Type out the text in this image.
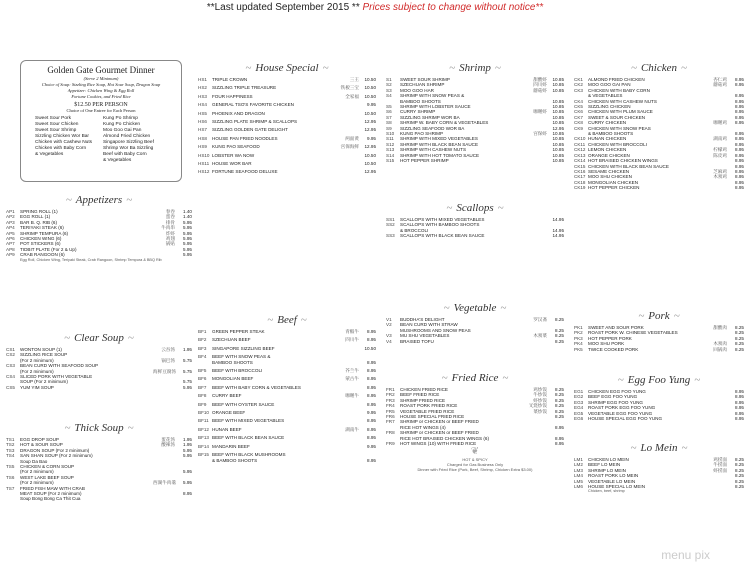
**Last updated September 2015 ** Prices subject to change without notice**
Golden Gate Gourmet Dinner
(Serve 2 Minimum)
Choice of Soup: Sizzling Rice Soup, Hot Sour Soup, Dragon Soup
Appetizer: Chicken Wing & Egg Roll
Fortune Cookies, and Fried Rice
$12.50 PER PERSON
Choice of One Entree for Each Person
Sweet Sour Pork	Kung Po Shrimp
Sweet Sour Chicken	Kung Po Chicken
Sweet Sour Shrimp	Moo Goo Gai Pan
Sizzling Chicken Wor Bar	Almond Fried Chicken
Chicken with Cashew Nuts	Singapore Sizzling Beef
Chicken with Baby Corn	Shrimp Wor Ba Sizzling
& Vegetables	Beef with Baby Corn
& Vegetables
~ Appetizers ~
AP1	SPRING ROLL (1)	春卷	1.40
AP2	EGG ROLL (1)	蛋卷	1.40
AP3	BAR B. Q. RIB (6)	排骨	5.95
AP4	TERIYAKI STEAK (6)	牛肉串	5.95
AP5	SHRIMP TEMPURA (6)	炸虾	5.95
AP6	CHICKEN WING (6)	鸡翅	5.95
AP7	POT STICKERS (6)	锅贴	5.95
AP8	TIDBIT PLATE (For 2 & Up)	5.95
AP9	CRAB RANGOON (6)	5.95
Egg Roll, Chicken Wing, Teriyaki Steak, Crab Rangoon, Shrimp Tempura & BBQ Rib
~ Clear Soup ~
CS1	WONTON SOUP (1)	云吞汤	1.95
CS2	SIZZLING RICE SOUP
(For 2 minimum)	锅巴汤	5.75
CS3	BEAN CURD WITH SEAFOOD SOUP
(For 2 minimum)	海鲜豆腐汤	5.75
CS4	SLICED PORK WITH VEGETABLE
SOUP (For 2 minimum)	5.75
CS5	YUM YIM SOUP	5.95
~ Thick Soup ~
TS1	EGG DROP SOUP	蛋花汤	1.95
TS2	HOT & SOUR SOUP	酸辣汤	1.95
TS3	DRAGON SOUP (For 2 minimum)	5.95
TS4	SAN SHAN SOUP (For 2 minimum)	5.95
Soup Da Bao
TS5	CHICKEN & CORN SOUP
(For 2 minimum)	5.95
TS6	WEST LAKE BEEF SOUP
(For 2 minimum)	西湖牛肉羹	5.95
TS7	FRIED FISH MAW WITH CRAB
MEAT SOUP (For 2 minimum)	8.95
Soup Bong Bong Ca Thit Cua
~ House Special ~
HS1	TRIPLE CROWN	三王	10.50
HS2	SIZZLING TRIPLE TREASURE	铁板三宝	10.50
HS3	FOUR HAPPINESS	全家福	10.50
HS4	GENERAL TSO'S FAVORITE CHICKEN	9.95
HS5	PHOENIX AND DRAGON	10.50
HS6	SIZZLING PLATE SHRIMP & SCALLOPS	12.95
HS7	SIZZLING GOLDEN GATE DELIGHT	12.95
HS8	HOUSE PAN FRIED NOODLES	两面黄	9.95
HS9	KUNG PAO SEAFOOD	宫保海鲜	12.95
HS10 LOBSTER WA NOW	10.50
HS11 HOUSE WOR BAR	10.50
HS12 FORTUNE SEAFOOD DELUXE	12.95
~ Beef ~
BF1	GREEN PEPPER STEAK	青椒牛	8.95
BF2	SZECHUAN BEEF	四川牛	8.95
BF3	SINGAPORE SIZZLING BEEF	10.50
BF4	BEEF WITH SNOW PEAS &
BAMBOO SHOOTS	8.95
BF5	BEEF WITH BROCCOLI	芥兰牛	8.95
BF6	MONGOLIAN BEEF	蒙古牛	8.95
BF7	BEEF WITH BABY CORN & VEGETABLES	8.95
BF8	CURRY BEEF	咖喱牛	8.95
BF9	BEEF WITH OYSTER SAUCE	8.95
BF10 ORANGE BEEF	9.95
BF11 BEEF WITH MIXED VEGETABLES	8.95
BF12 HUNAN BEEF	湖南牛	8.95
BF13 BEEF WITH BLACK BEAN SAUCE	8.95
BF14 MANDARIN BEEF	9.95
BF15 BEEF WITH BLACK MUSHROOMS
& BAMBOO SHOOTS	8.95
~ Shrimp ~
S1	SWEET SOUR SHRIMP	甜酸虾	10.85
S2	SZECHUAN SHRIMP	四川虾	10.85
S3	MOO GOO HAR	蘑菇虾	10.85
S4	SHRIMP WITH SNOW PEAS &
BAMBOO SHOOTS	10.85
S5	SHRIMP WITH LOBSTER SAUCE	10.85
S6	CURRY SHRIMP	咖喱虾	10.85
S7	SIZZLING SHRIMP WOR BA	10.85
S8	SHRIMP W. BABY CORN & VEGETABLES	10.85
S9	SIZZLING SEAFOOD WOR BA	12.95
S10	KUNG PAO SHRIMP	宫保虾	10.85
S11	SHRIMP WITH MIXED VEGETABLES	10.85
S12	SHRIMP WITH BLACK BEAN SAUCE	10.85
S13	SHRIMP WITH CASHEW NUTS	10.85
S14	SHRIMP WITH HOT TOMATO SAUCE	10.85
S15	HOT PEPPER SHRIMP	10.85
~ Scallops ~
SS1	SCALLOPS WITH MIXED VEGETABLES	14.95
SS2	SCALLOPS WITH BAMBOO SHOOTS
& BROCCOLI	14.95
SS3	SCALLOPS WITH BLACK BEAN SAUCE	14.95
~ Vegetable ~
V1	BUDDHA'S DELIGHT	罗汉斋	8.25
V2	BEAN CURD WITH STRAW
MUSHROOMS AND SNOW PEAS	8.25
V3	MU SHU VEGETABLES	木须菜	8.25
V4	BRAISED TOFU	8.25
~ Fried Rice ~
FR1	CHICKEN FRIED RICE	鸡炒饭	8.25
FR2	BEEF FRIED RICE	牛炒饭	8.25
FR3	SHRIMP FRIED RICE	虾炒饭	8.25
FR4	ROAST PORK FRIED RICE	叉烧炒饭	8.25
FR5	VEGETABLE FRIED RICE	菜炒饭	8.25
FR6	HOUSE SPECIAL FRIED RICE	8.25
FR7	SHRIMP or CHICKEN or BEEF FRIED
RICE HOT WINGS (4)	8.95
FR8	SHRIMP or CHICKEN or BEEF FRIED
RICE HOT BRAISED CHICKEN WINGS (6)	8.95
FR9	HOT WINGS (10) WITH FRIED RICE	8.95
❦
HOT & SPICY
Charged for Gas Business Only
Dinner with Fried Rice (Pork, Beef, Shrimp, Chicken Extra $3.00)
~ Chicken ~
CK1	ALMOND FRIED CHICKEN	杏仁鸡	8.95
CK2	MOO GOO GAI PAN	蘑菇鸡	8.95
CK3	CHICKEN WITH BABY CORN
& VEGETABLES	8.95
CK4	CHICKEN WITH CASHEW NUTS	8.95
CK5	SIZZLING CHICKEN	8.95
CK6	CHICKEN WITH PLUM SAUCE	8.95
CK7	SWEET & SOUR CHICKEN	8.95
CK8	CURRY CHICKEN	咖喱鸡	8.95
CK9	CHICKEN WITH SNOW PEAS
& BAMBOO SHOOTS	8.95
CK10 HUNAN CHICKEN	湖南鸡	8.95
CK11 CHICKEN WITH BROCCOLI	8.95
CK12 LEMON CHICKEN	柠檬鸡	8.95
CK13 ORANGE CHICKEN	陈皮鸡	8.95
CK14 HOT BRAISED CHICKEN WINGS	8.95
CK15 CHICKEN WITH BLACK BEAN SAUCE	8.95
CK16 SESAME CHICKEN	芝麻鸡	8.95
CK17 MOO SHU CHICKEN	木须鸡	8.95
CK18 MONGOLIAN CHICKEN	8.95
CK19 HOT PEPPER CHICKEN	8.95
~ Pork ~
PK1	SWEET AND SOUR PORK	甜酸肉	8.25
PK2	ROAST PORK W. CHINESE VEGETABLES	8.25
PK3	HOT PEPPER PORK	8.25
PK4	MOO SHU PORK	木须肉	8.25
PK5	TWICE COOKED PORK	回锅肉	8.25
~ Egg Foo Yung ~
EG1	CHICKEN EGG FOO YUNG	8.95
EG2	BEEF EGG FOO YUNG	8.95
EG3	SHRIMP EGG FOO YUNG	8.95
EG4	ROAST PORK EGG FOO YUNG	8.95
EG5	VEGETABLE EGG FOO YUNG	8.95
EG6	HOUSE SPECIAL EGG FOO YUNG	8.95
~ Lo Mein ~
LM1	CHICKEN LO MEIN	鸡捞面	8.25
LM2	BEEF LO MEIN	牛捞面	8.25
LM3	SHRIMP LO MEIN	虾捞面	8.25
LM4	ROAST PORK LO MEIN	8.25
LM5	VEGETABLE LO MEIN	8.25
LM6	HOUSE SPECIAL LO MEIN	8.25
Chicken, beef, shrimp
menu pix
